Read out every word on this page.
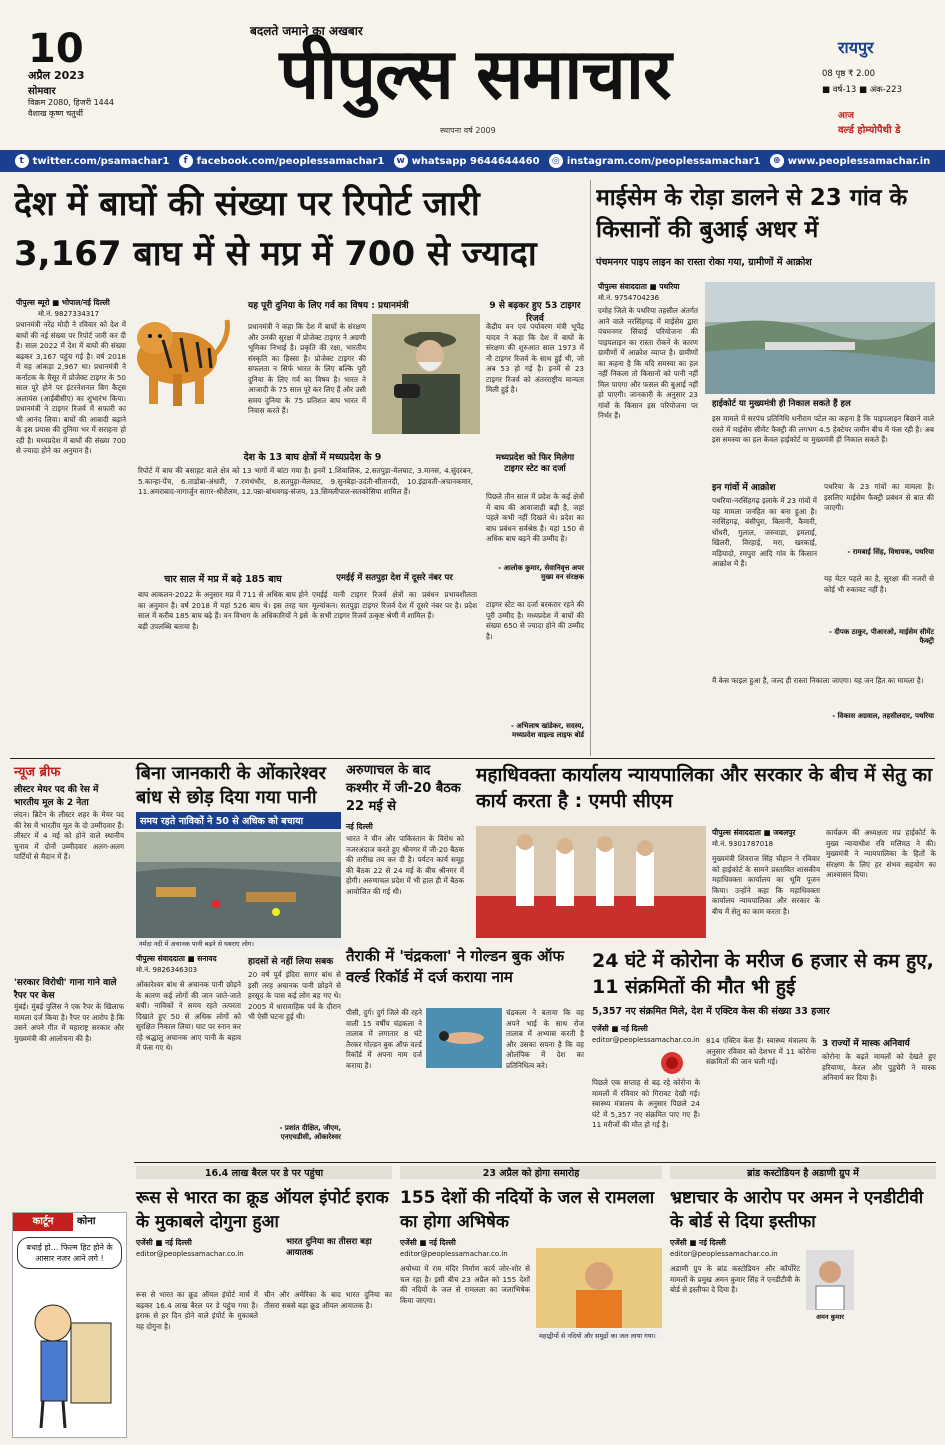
10
अप्रैल 2023
सोमवार
विक्रम 2080, हिजरी 1444
वैशाख कृष्ण चतुर्थी
बदलते जमाने का अखबार
पीपुल्स समाचार
स्थापना वर्ष 2009
रायपुर
08 पृष्ठ ₹ 2.00
■ वर्ष-13 ■ अंक-223
आज
वर्ल्ड होम्योपैथी डे
t twitter.com/psamachar1	f facebook.com/peoplessamachar1	w whatsapp 9644644460	◎ instagram.com/peoplessamachar1	⊕ www.peoplessamachar.in
देश में बाघों की संख्या पर रिपोर्ट जारी
3,167 बाघ में से मप्र में 700 से ज्यादा
पीपुल्स ब्यूरो ■ भोपाल/नई दिल्ली
मो.नं. 9827334317
प्रधानमंत्री नरेंद्र मोदी ने रविवार को देश में बाघों की नई संख्या पर रिपोर्ट जारी कर दी है। साल 2022 में देश में बाघों की संख्या बढ़कर 3,167 पहुंच गई है। वर्ष 2018 में यह आंकड़ा 2,967 था। प्रधानमंत्री ने कर्नाटक के मैसूर में प्रोजेक्ट टाइगर के 50 साल पूरे होने पर इंटरनेशनल बिग कैट्स अलायंस (आईबीसीए) का शुभारंभ किया। प्रधानमंत्री ने टाइगर रिजर्व में सफारी का भी आनंद लिया। बाघों की आबादी बढ़ाने के इस प्रयास की दुनिया भर में सराहना हो रही है। मध्यप्रदेश में बाघों की संख्या 700 से ज्यादा होने का अनुमान है।
यह पूरी दुनिया के लिए गर्व का विषय : प्रधानमंत्री
प्रधानमंत्री ने कहा कि देश में बाघों के संरक्षण और उनकी सुरक्षा में प्रोजेक्ट टाइगर ने अग्रणी भूमिका निभाई है। प्रकृति की रक्षा, भारतीय संस्कृति का हिस्सा है। प्रोजेक्ट टाइगर की सफलता न सिर्फ भारत के लिए बल्कि पूरी दुनिया के लिए गर्व का विषय है। भारत ने आजादी के 75 साल पूरे कर लिए हैं और उसी समय दुनिया के 75 प्रतिशत बाघ भारत में निवास करते हैं।
9 से बढ़कर हुए 53 टाइगर रिजर्व
केंद्रीय वन एवं पर्यावरण मंत्री भूपेंद्र यादव ने कहा कि देश में बाघों के संरक्षण की शुरुआत साल 1973 में नौ टाइगर रिजर्व के साथ हुई थी, जो अब 53 हो गई है। इनमें से 23 टाइगर रिजर्व को अंतरराष्ट्रीय मान्यता मिली हुई है।
देश के 13 बाघ क्षेत्रों में मध्यप्रदेश के 9
रिपोर्ट में बाघ की बसाहट वाले क्षेत्र को 13 भागों में बांटा गया है। इनमें 1.शिवालिक, 2.सतपुड़ा-मेलघाट, 3.मानस, 4.सुंदरबन, 5.कान्हा-पेंच, 6.ताडोबा-अंधारी, 7.रणथंभौर, 8.सतपुड़ा-मेलघाट, 9.सुनबेड़ा-उदंती-सीतानदी, 10.इंद्रावती-अचानकमार, 11.अमराबाद-नागार्जुन सागर-श्रीशैलम, 12.पन्ना-बांधवगढ़-संजय, 13.सिमलीपाल-सतकोसिया शामिल हैं।
चार साल में मप्र में बढ़े 185 बाघ
बाघ आकलन-2022 के अनुसार मप्र में 711 से अधिक बाघ होने का अनुमान है। वर्ष 2018 में यहां 526 बाघ थे। इस तरह चार साल में करीब 185 बाघ बढ़े हैं। वन विभाग के अधिकारियों ने इसे बड़ी उपलब्धि बताया है।
एमईई में सतपुड़ा देश में दूसरे नंबर पर
एमईई यानी टाइगर रिजर्व क्षेत्रों का प्रबंधन प्रभावशीलता मूल्यांकन। सतपुड़ा टाइगर रिजर्व देश में दूसरे नंबर पर है। प्रदेश के सभी टाइगर रिजर्व उत्कृष्ट श्रेणी में शामिल हैं।
मध्यप्रदेश को फिर मिलेगा टाइगर स्टेट का दर्जा
पिछले तीन साल में प्रदेश के कई क्षेत्रों में बाघ की आवाजाही बढ़ी है, जहां पहले कभी नहीं दिखते थे। प्रदेश का बाघ प्रबंधन सर्वश्रेष्ठ है। यहां 150 से अधिक बाघ बढ़ने की उम्मीद है।
- आलोक कुमार, सेवानिवृत्त अपर मुख्य वन संरक्षक
टाइगर स्टेट का दर्जा बरकरार रहने की पूरी उम्मीद है। मध्यप्रदेश में बाघों की संख्या 650 से ज्यादा होने की उम्मीद है।
- अभिलाष खांडेकर, सदस्य, मध्यप्रदेश वाइल्ड लाइफ बोर्ड
माईसेम के रोड़ा डालने से 23 गांव के किसानों की बुआई अधर में
पंचमनगर पाइप लाइन का रास्ता रोका गया, ग्रामीणों में आक्रोश
पीपुल्स संवाददाता ■ पथरिया
मो.नं. 9754704236
दमोह जिले के पथरिया तहसील अंतर्गत आने वाले नरसिंहगढ़ में माईसेम द्वारा पंचमनगर सिंचाई परियोजना की पाइपलाइन का रास्ता रोकने के कारण ग्रामीणों में आक्रोश व्याप्त है। ग्रामीणों का कहना है कि यदि समस्या का हल नहीं निकला तो किसानों को पानी नहीं मिल पाएगा और फसल की बुआई नहीं हो पाएगी। जानकारी के अनुसार 23 गांवों के किसान इस परियोजना पर निर्भर हैं।
हाईकोर्ट या मुख्यमंत्री ही निकाल सकते हैं हल
इस मामले में सरपंच प्रतिनिधि धनीराम पटेल का कहना है कि पाइपलाइन बिछाने वाले रास्ते में माईसेम सीमेंट फैक्ट्री की लगभग 4.5 हेक्टेयर जमीन बीच में फंस रही है। अब इस समस्या का हल केवल हाईकोर्ट या मुख्यमंत्री ही निकाल सकते हैं।
इन गांवों में आक्रोश
पथरिया-नरसिंहगढ़ इलाके में 23 गांवों में यह मामला जनहित का बना हुआ है। नरसिंहगढ़, बंसीपुरा, बिलानी, कैमारी, धोंधरी, गुलाल, जरुवाड़ा, इमलाई, खिलरी, विरहाई, मरा, खरकाई, मड़ियादो, रमपुरा आदि गांव के किसान आक्रोश में हैं।
पथरिया के 23 गांवों का मामला है। इसलिए माईसेम फैक्ट्री प्रबंधन से बात की जाएगी।
- रामबाई सिंह, विधायक, पथरिया
यह मेटर पहले का है, सुरक्षा की नजरों से कोई भी रुकावट नहीं है।
- दीपक ठाकुर, पीआरओ, माईसेम सीमेंट फैक्ट्री
मैं केस फाइल हुआ है, जल्द ही रास्ता निकाला जाएगा। यह जन हित का मामला है।
- विकास अग्रवाल, तहसीलदार, पथरिया
न्यूज ब्रीफ
लीस्टर मेयर पद की रेस में भारतीय मूल के 2 नेता
लंदन। ब्रिटेन के लीस्टर शहर के मेयर पद की रेस में भारतीय मूल के दो उम्मीदवार हैं। लीस्टर में 4 मई को होने वाले स्थानीय चुनाव में दोनों उम्मीदवार अलग-अलग पार्टियों से मैदान में हैं।
'सरकार विरोधी' गाना गाने वाले रैपर पर केस
मुंबई। मुंबई पुलिस ने एक रैपर के खिलाफ मामला दर्ज किया है। रैपर पर आरोप है कि उसने अपने गीत में महाराष्ट्र सरकार और मुख्यमंत्री की आलोचना की है।
कार्टून	कोना
बधाई हो... फिल्म हिट होने के आसार नजर आने लगे !
बिना जानकारी के ओंकारेश्वर बांध से छोड़ दिया गया पानी
समय रहते नाविकों ने 50 से अधिक को बचाया
नर्मदा नदी में अचानक पानी बढ़ने से घबराए लोग।
पीपुल्स संवाददाता ■ सनावद
मो.नं. 9826346303
ओंकारेश्वर बांध से अचानक पानी छोड़ने के कारण कई लोगों की जान जाते-जाते बची। नाविकों ने समय रहते तत्परता दिखाते हुए 50 से अधिक लोगों को सुरक्षित निकाल लिया। घाट पर स्नान कर रहे श्रद्धालु अचानक आए पानी के बहाव में फंस गए थे।
हादसों से नहीं लिया सबक
20 वर्ष पूर्व इंदिरा सागर बांध से इसी तरह अचानक पानी छोड़ने से हरसूद के पास कई लोग बह गए थे। 2005 में धारावाहिक पर्व के दौरान भी ऐसी घटना हुई थी।
- प्रशांत दीक्षित, जीएम, एनएचडीसी, ओंकारेश्वर
अरुणाचल के बाद कश्मीर में जी-20 बैठक 22 मई से
नई दिल्ली
भारत ने चीन और पाकिस्तान के विरोध को नजरअंदाज करते हुए श्रीनगर में जी-20 बैठक की तारीख तय कर दी है। पर्यटन कार्य समूह की बैठक 22 से 24 मई के बीच श्रीनगर में होगी। अरुणाचल प्रदेश में भी हाल ही में बैठक आयोजित की गई थी।
महाधिवक्ता कार्यालय न्यायपालिका और सरकार के बीच में सेतु का कार्य करता है : एमपी सीएम
पीपुल्स संवाददाता ■ जबलपुर
मो.नं. 9301787018
मुख्यमंत्री शिवराज सिंह चौहान ने रविवार को हाईकोर्ट के सामने प्रस्तावित शासकीय महाधिवक्ता कार्यालय का भूमि पूजन किया। उन्होंने कहा कि महाधिवक्ता कार्यालय न्यायपालिका और सरकार के बीच में सेतु का काम करता है।
कार्यक्रम की अध्यक्षता मप्र हाईकोर्ट के मुख्य न्यायाधीश रवि मलिमठ ने की। मुख्यमंत्री ने न्यायपालिका के हितों के संरक्षण के लिए हर संभव सहयोग का आश्वासन दिया।
तैराकी में 'चंद्रकला' ने गोल्डन बुक ऑफ वर्ल्ड रिकॉर्ड में दर्ज कराया नाम
पीसी, दुर्ग। दुर्ग जिले की रहने वाली 15 वर्षीय चंद्रकला ने तालाब में लगातार 8 घंटे तैरकर गोल्डन बुक ऑफ वर्ल्ड रिकॉर्ड में अपना नाम दर्ज कराया है।
चंद्रकला ने बताया कि वह अपने भाई के साथ रोज तालाब में अभ्यास करती है और उसका सपना है कि वह ओलंपिक में देश का प्रतिनिधित्व करे।
24 घंटे में कोरोना के मरीज 6 हजार से कम हुए, 11 संक्रमितों की मौत भी हुई
5,357 नए संक्रमित मिले, देश में एक्टिव केस की संख्या 33 हजार
एजेंसी ■ नई दिल्ली
editor@peoplessamachar.co.in
पिछले एक सप्ताह से बढ़ रहे कोरोना के मामलों में रविवार को गिरावट देखी गई। स्वास्थ्य मंत्रालय के अनुसार पिछले 24 घंटे में 5,357 नए संक्रमित पाए गए हैं। 11 मरीजों की मौत हो गई है।
814 एक्टिव केस हैं। स्वास्थ्य मंत्रालय के अनुसार रविवार को देशभर में 11 कोरोना संक्रमितों की जान चली गई।
3 राज्यों में मास्क अनिवार्य
कोरोना के बढ़ते मामलों को देखते हुए हरियाणा, केरल और पुडुचेरी ने मास्क अनिवार्य कर दिया है।
16.4 लाख बैरल पर डे पर पहुंचा
रूस से भारत का क्रूड ऑयल इंपोर्ट इराक के मुकाबले दोगुना हुआ
एजेंसी ■ नई दिल्ली
editor@peoplessamachar.co.in
भारत दुनिया का तीसरा बड़ा आयातक
रूस से भारत का क्रूड ऑयल इंपोर्ट मार्च में बढ़कर 16.4 लाख बैरल पर डे पहुंच गया है। इराक से हर दिन होने वाले इंपोर्ट के मुकाबले यह दोगुना है।
चीन और अमेरिका के बाद भारत दुनिया का तीसरा सबसे बड़ा क्रूड ऑयल आयातक है।
23 अप्रैल को होगा समारोह
155 देशों की नदियों के जल से रामलला का होगा अभिषेक
एजेंसी ■ नई दिल्ली
editor@peoplessamachar.co.in
अयोध्या में राम मंदिर निर्माण कार्य जोर-शोर से चल रहा है। इसी बीच 23 अप्रैल को 155 देशों की नदियों के जल से रामलला का जलाभिषेक किया जाएगा।
महाद्वीपों से नदियों और समुद्रों का जल लाया गया।
ब्रांड कस्टोडियन है अडाणी ग्रुप में
भ्रष्टाचार के आरोप पर अमन ने एनडीटीवी के बोर्ड से दिया इस्तीफा
एजेंसी ■ नई दिल्ली
editor@peoplessamachar.co.in
अडाणी ग्रुप के ब्रांड कस्टोडियन और कॉर्पोरेट मामलों के प्रमुख अमन कुमार सिंह ने एनडीटीवी के बोर्ड से इस्तीफा दे दिया है।
अमन कुमार
